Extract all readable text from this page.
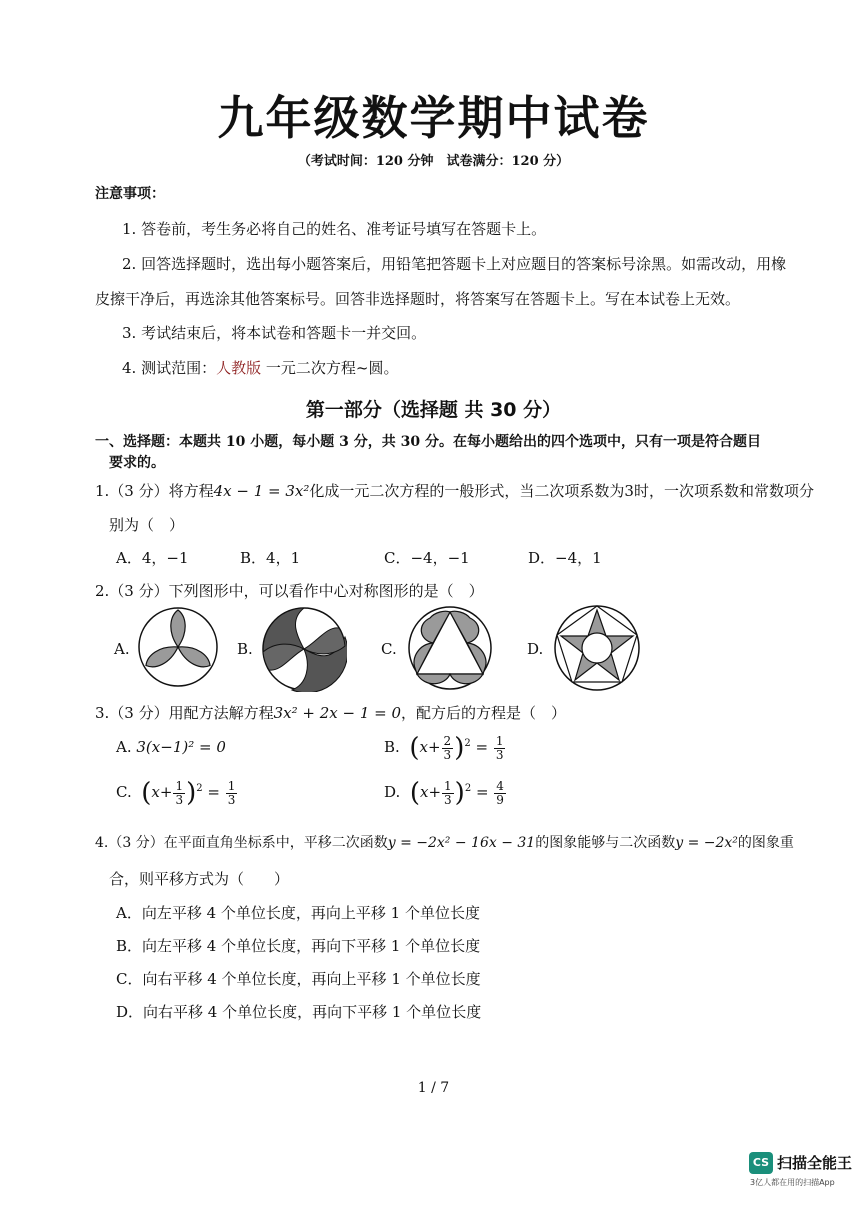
九年级数学期中试卷
（考试时间：120 分钟　试卷满分：120 分）
注意事项：
1. 答卷前，考生务必将自己的姓名、准考证号填写在答题卡上。
2. 回答选择题时，选出每小题答案后，用铅笔把答题卡上对应题目的答案标号涂黑。如需改动，用橡
皮擦干净后，再选涂其他答案标号。回答非选择题时，将答案写在答题卡上。写在本试卷上无效。
3. 考试结束后，将本试卷和答题卡一并交回。
4. 测试范围：人教版 一元二次方程~圆。
第一部分（选择题 共 30 分）
一、选择题：本题共 10 小题，每小题 3 分，共 30 分。在每小题给出的四个选项中，只有一项是符合题目
要求的。
1.（3 分）将方程4x − 1 = 3x²化成一元二次方程的一般形式，当二次项系数为3时，一次项系数和常数项分
别为（　）
A．4，−1	B．4，1	C．−4，−1	D．−4，1
2.（3 分）下列图形中，可以看作中心对称图形的是（　）
A.	B.	C.	D.
3.（3 分）用配方法解方程3x² + 2x − 1 = 0，配方后的方程是（　）
A. 3(x−1)² = 0	B. $(x+ \frac{2}{3} )^2 = \frac{1}{3}$
C. $(x+ \frac{1}{3} )^2 = \frac{1}{3}$	D. $(x+ \frac{1}{3} )^2 = \frac{4}{9}$
4.（3 分）在平面直角坐标系中，平移二次函数y = −2x² − 16x − 31的图象能够与二次函数y = −2x²的图象重
合，则平移方式为（　　）
A．向左平移 4 个单位长度，再向上平移 1 个单位长度
B．向左平移 4 个单位长度，再向下平移 1 个单位长度
C．向右平移 4 个单位长度，再向上平移 1 个单位长度
D．向右平移 4 个单位长度，再向下平移 1 个单位长度
1 / 7
CS 扫描全能王
3亿人都在用的扫描App
